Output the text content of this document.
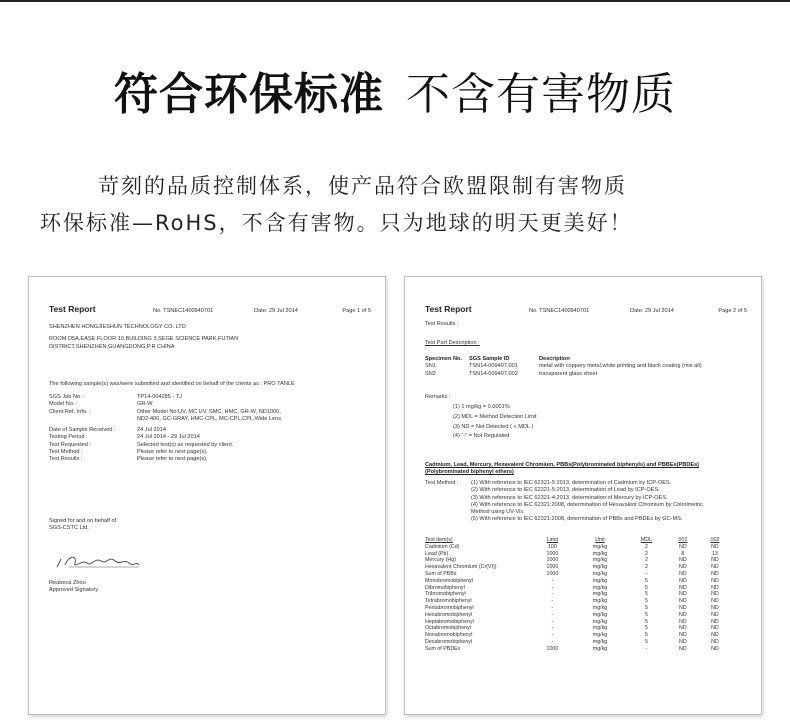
符合环保标准 不含有害物质
苛刻的品质控制体系，使产品符合欧盟限制有害物质
环保标准—RoHS，不含有害物。只为地球的明天更美好！
Test Report	No. TSNEC1400940701	Date: 29 Jul 2014	Page 1 of 5
SHENZHEN HONGJIESHUN TECHNOLOGY CO. LTD
ROOM D5A,EASE FLOOR 10,BUILDING 3,SEGE SCIENCE PARK,FUTIAN
DISTRICT,SHENZHEN,GUANGDONG,P.R CHINA
The following sample(s) was/were submitted and identified on behalf of the clients as : PRO TANLE
SGS Job No. :	TP14-004285 - TJ
Model No. :	GR-W
Client Ref. Info. :	Other Model No:UV, MC UV, SMC, HMC, GR-W, ND1000,
ND2-400, GC-GRAY, HMC-CPL, MC-CPL,CPL,Wide Lens
Date of Sample Received :	24 Jul 2014
Testing Period :	24 Jul 2014 - 29 Jul 2014
Test Requested :	Selected test(s) as requested by client.
Test Method :	Please refer to next page(s).
Test Results :	Please refer to next page(s).
Signed for and on behalf of
SGS-CSTC Ltd.
Reabeca Zhou
Approved Signatory
Test Report	No. TSNEC1400940701	Date: 29 Jul 2014	Page 2 of 5
Test Results :
Test Part Description :
Specimen No.	SGS Sample ID	Description
SN1	TSN14-009407.001	metal with coppery metal,white printing and black coating (mix all)
SN2	TSN14-009407.002	transparent glass sheet
Remarks :
(1) 1 mg/kg = 0.0001%
(2) MDL = Method Detection Limit
(3) ND = Not Detected ( < MDL )
(4) "-" = Not Regulated
Cadmium, Lead, Mercury, Hexavalent Chromium, PBBs(Polybrominated biphenyls) and PBBEs(PBDEs)
(Polybrominated biphenyl ethers)
Test Method :	(1) With reference to IEC 62321-5:2013, determination of Cadmium by ICP-OES.
(2) With reference to IEC 62321-5:2013, determination of Lead by ICP-OES.
(3) With reference to IEC 62321-4:2013, determination of Mercury by ICP-OES.
(4) With reference to IEC 62321:2008, determination of Hexavalent Chromium by Colorimetric
Method using UV-Vis.
(5) With reference to IEC 62321:2008, determination of PBBs and PBDEs by GC-MS.
Test Item(s)	Limit	Unit	MDL	001	002
Cadmium (Cd)	100	mg/kg	2	ND	ND
Lead (Pb)	1000	mg/kg	2	8	13
Mercury (Hg)	1000	mg/kg	2	ND	ND
Hexavalent Chromium (Cr(VI))	1000	mg/kg	2	ND	ND
Sum of PBBs	1000	mg/kg	-	ND	ND
Monobromobiphenyl	-	mg/kg	5	ND	ND
Dibromobiphenyl	-	mg/kg	5	ND	ND
Tribromobiphenyl	-	mg/kg	5	ND	ND
Tetrabromobiphenyl	-	mg/kg	5	ND	ND
Pentabromobiphenyl	-	mg/kg	5	ND	ND
Hexabromobiphenyl	-	mg/kg	5	ND	ND
Heptabromobiphenyl	-	mg/kg	5	ND	ND
Octabromobiphenyl	-	mg/kg	5	ND	ND
Nonabromobiphenyl	-	mg/kg	5	ND	ND
Decabromobiphenyl	-	mg/kg	5	ND	ND
Sum of PBDEs	1000	mg/kg	-	ND	ND
